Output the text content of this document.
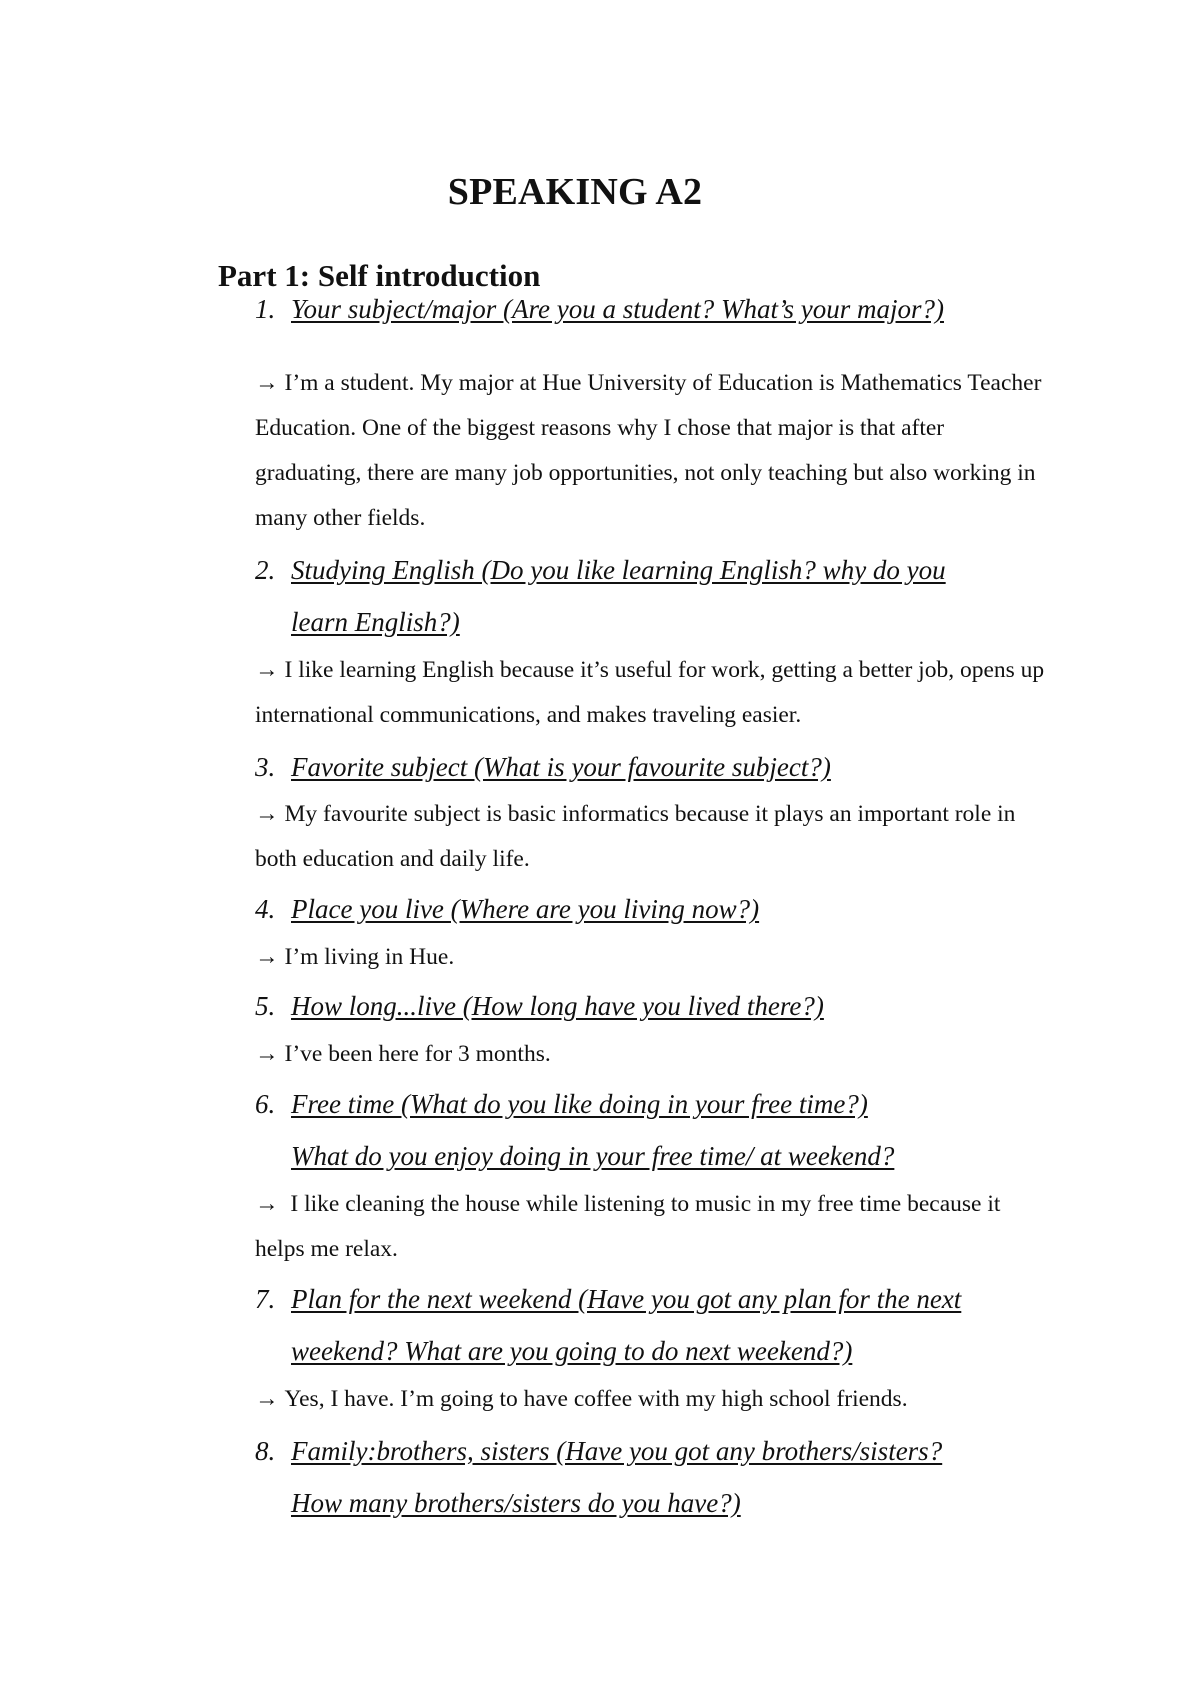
SPEAKING A2
Part 1: Self introduction
1. Your subject/major (Are you a student? What’s your major?)
→ I’m a student. My major at Hue University of Education is Mathematics Teacher Education. One of the biggest reasons why I chose that major is that after graduating, there are many job opportunities, not only teaching but also working in many other fields.
2. Studying English (Do you like learning English? why do you
learn English?)
→ I like learning English because it’s useful for work, getting a better job, opens up international communications, and makes traveling easier.
3. Favorite subject (What is your favourite subject?)
→ My favourite subject is basic informatics because it plays an important role in both education and daily life.
4. Place you live (Where are you living now?)
→ I’m living in Hue.
5. How long...live (How long have you lived there?)
→ I’ve been here for 3 months.
6. Free time (What do you like doing in your free time?)
What do you enjoy doing in your free time/ at weekend?
→ I like cleaning the house while listening to music in my free time because it helps me relax.
7. Plan for the next weekend (Have you got any plan for the next
weekend? What are you going to do next weekend?)
→ Yes, I have. I’m going to have coffee with my high school friends.
8. Family:brothers, sisters (Have you got any brothers/sisters?
How many brothers/sisters do you have?)
